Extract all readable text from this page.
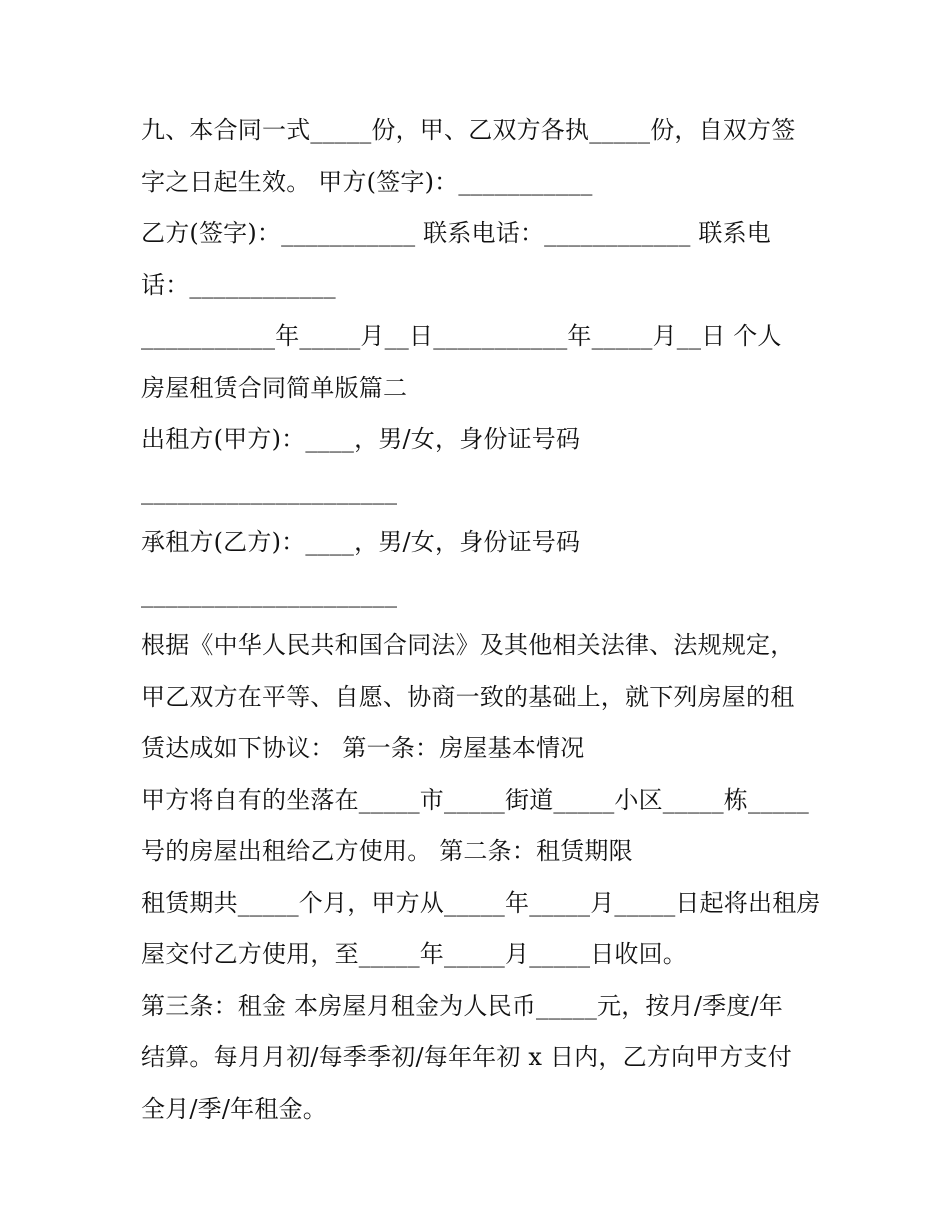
九、本合同一式_____份，甲、乙双方各执_____份，自双方签
字之日起生效。 甲方(签字)：___________
乙方(签字)：___________ 联系电话：____________ 联系电
话：____________
___________年_____月__日___________年_____月__日 个人
房屋租赁合同简单版篇二
出租方(甲方)：____，男/女，身份证号码
_____________________
承租方(乙方)：____，男/女，身份证号码
_____________________
根据《中华人民共和国合同法》及其他相关法律、法规规定，
甲乙双方在平等、自愿、协商一致的基础上，就下列房屋的租
赁达成如下协议： 第一条：房屋基本情况
甲方将自有的坐落在_____市_____街道_____小区_____栋_____
号的房屋出租给乙方使用。 第二条：租赁期限
租赁期共_____个月，甲方从_____年_____月_____日起将出租房
屋交付乙方使用，至_____年_____月_____日收回。
第三条：租金 本房屋月租金为人民币_____元，按月/季度/年
结算。每月月初/每季季初/每年年初 x 日内，乙方向甲方支付
全月/季/年租金。
